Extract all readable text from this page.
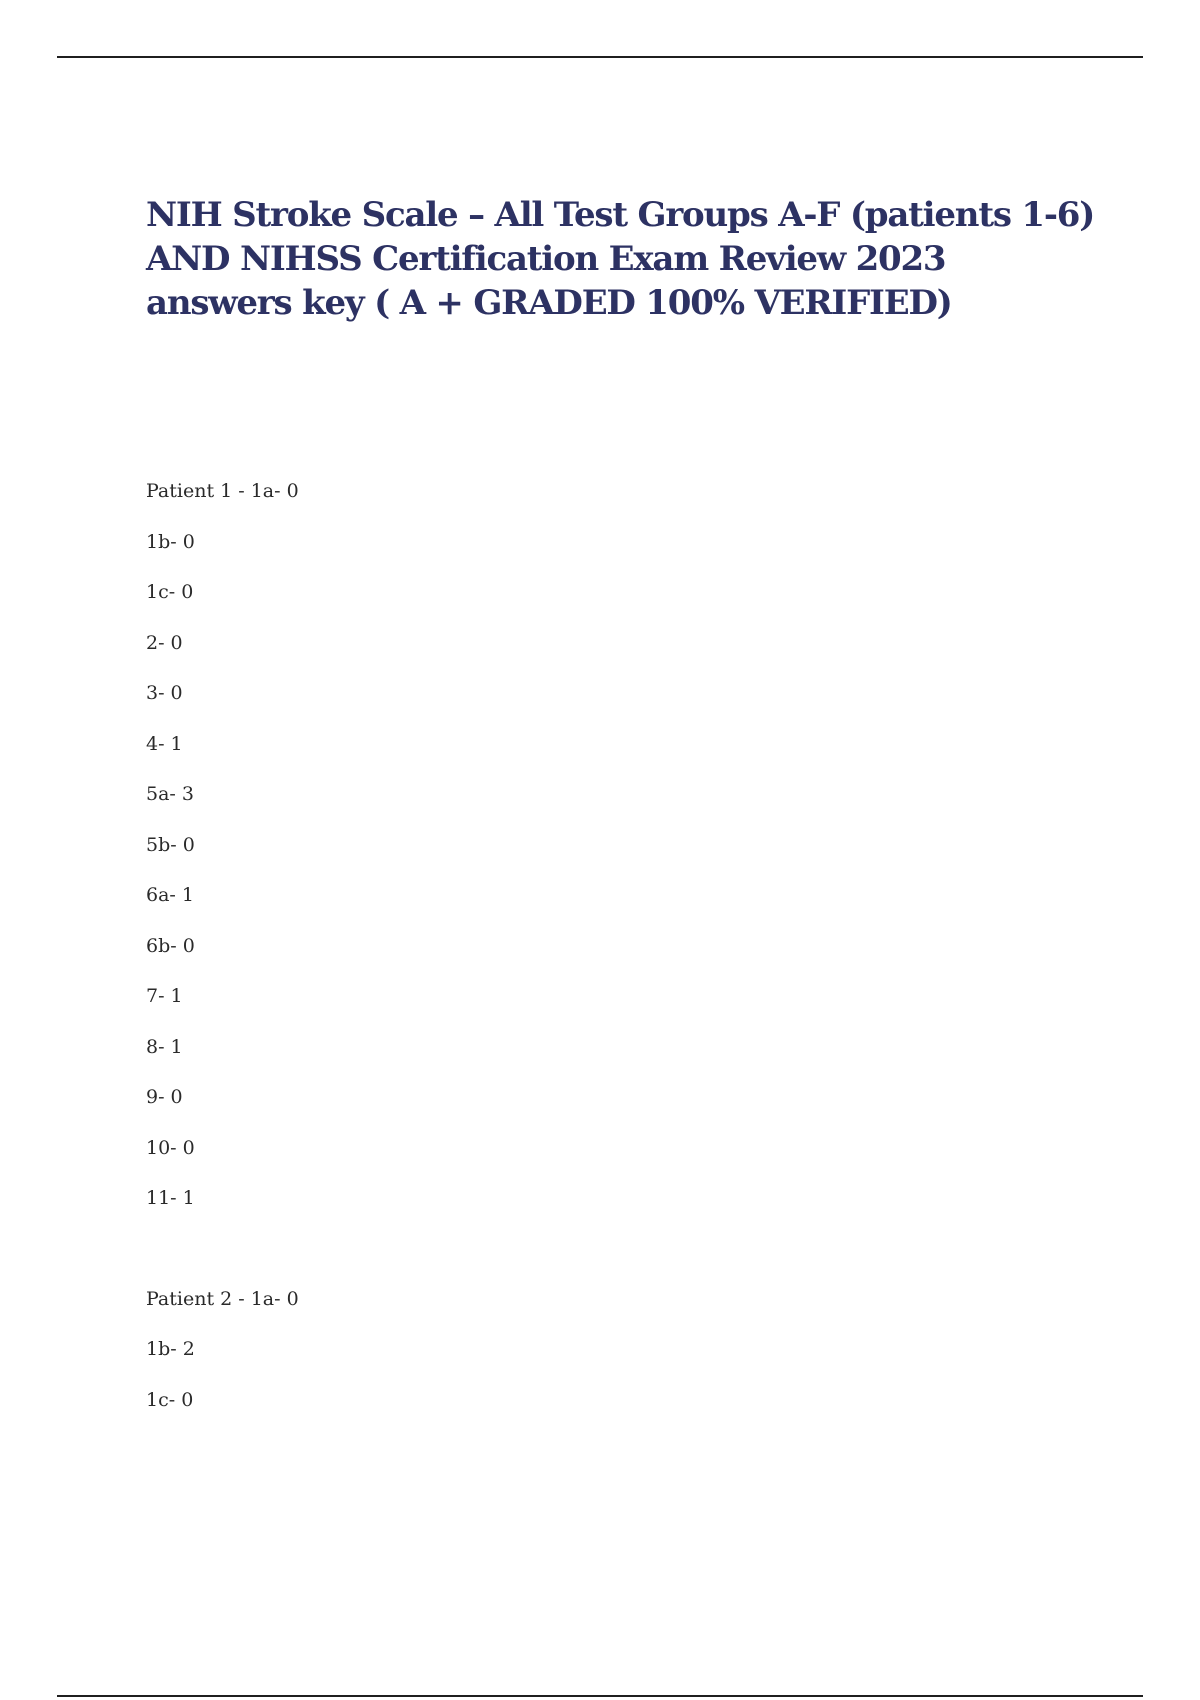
NIH Stroke Scale – All Test Groups A-F (patients 1-6) AND NIHSS Certification Exam Review 2023 answers key ( A + GRADED 100% VERIFIED)
Patient 1 - 1a- 0
1b- 0
1c- 0
2- 0
3- 0
4- 1
5a- 3
5b- 0
6a- 1
6b- 0
7- 1
8- 1
9- 0
10- 0
11- 1
Patient 2 - 1a- 0
1b- 2
1c- 0
